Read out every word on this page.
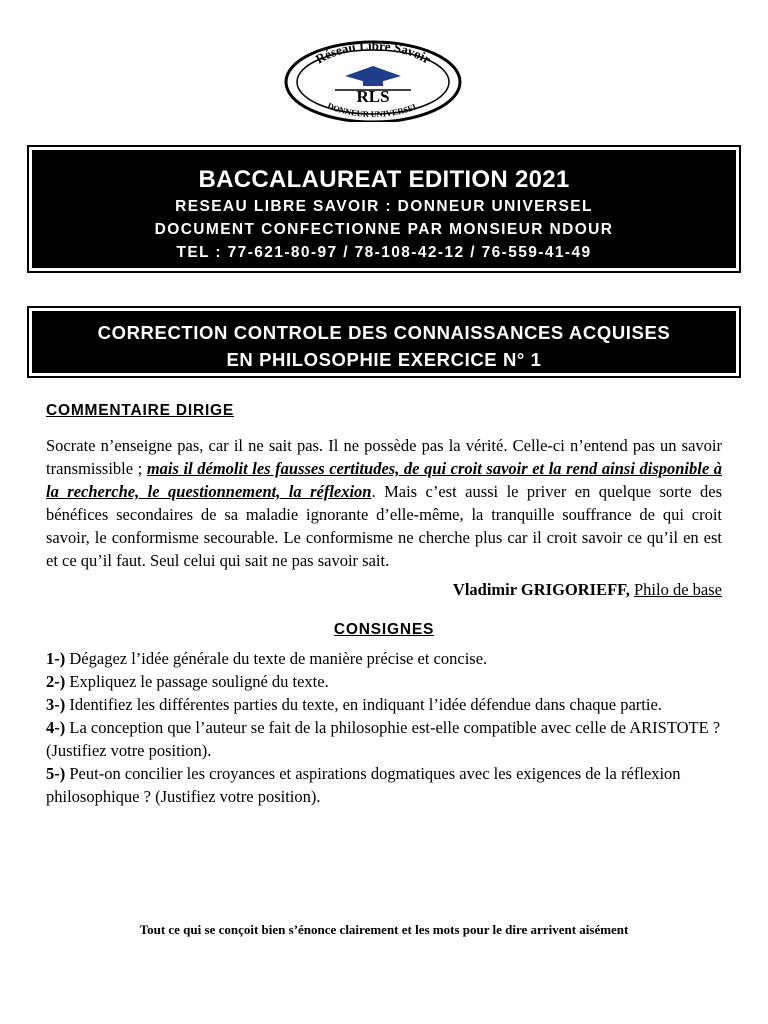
Réseau Libre Savoir
RLS
DONNEUR UNIVERSEL
BACCALAUREAT EDITION 2021
RESEAU LIBRE SAVOIR : DONNEUR UNIVERSEL
DOCUMENT CONFECTIONNE PAR MONSIEUR NDOUR
TEL : 77-621-80-97 / 78-108-42-12 / 76-559-41-49
CORRECTION CONTROLE DES CONNAISSANCES ACQUISES
EN PHILOSOPHIE EXERCICE N° 1
COMMENTAIRE DIRIGE
Socrate n’enseigne pas, car il ne sait pas. Il ne possède pas la vérité. Celle-ci n’entend pas un savoir transmissible ; mais il démolit les fausses certitudes, de qui croit savoir et la rend ainsi disponible à la recherche, le questionnement, la réflexion. Mais c’est aussi le priver en quelque sorte des bénéfices secondaires de sa maladie ignorante d’elle-même, la tranquille souffrance de qui croit savoir, le conformisme secourable. Le conformisme ne cherche plus car il croit savoir ce qu’il en est et ce qu’il faut. Seul celui qui sait ne pas savoir sait.
Vladimir GRIGORIEFF, Philo de base
CONSIGNES
1-) Dégagez l’idée générale du texte de manière précise et concise.
2-) Expliquez le passage souligné du texte.
3-) Identifiez les différentes parties du texte, en indiquant l’idée défendue dans chaque partie.
4-) La conception que l’auteur se fait de la philosophie est-elle compatible avec celle de ARISTOTE ? (Justifiez votre position).
5-) Peut-on concilier les croyances et aspirations dogmatiques avec les exigences de la réflexion philosophique ? (Justifiez votre position).
Tout ce qui se conçoit bien s’énonce clairement et les mots pour le dire arrivent aisément
